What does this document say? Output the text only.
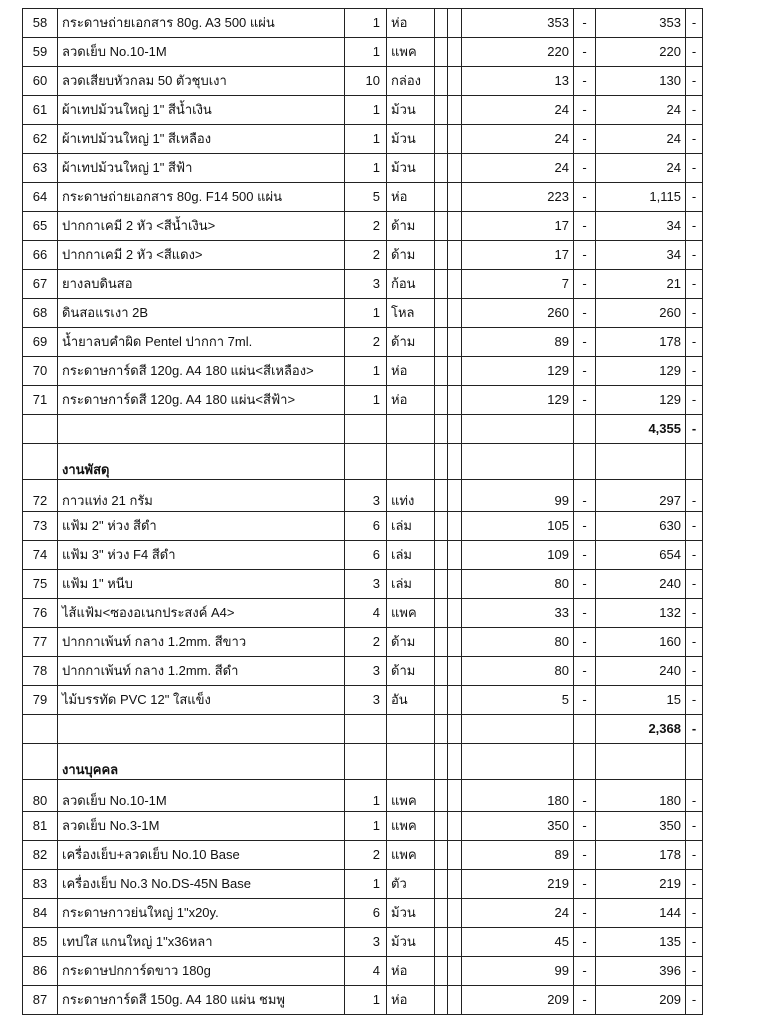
58	กระดาษถ่ายเอกสาร 80g. A3 500 แผ่น	1	ห่อ			353	-	353	-
59	ลวดเย็บ No.10-1M	1	แพค			220	-	220	-
60	ลวดเสียบหัวกลม 50 ตัวชุบเงา	10	กล่อง			13	-	130	-
61	ผ้าเทปม้วนใหญ่ 1" สีน้ำเงิน	1	ม้วน			24	-	24	-
62	ผ้าเทปม้วนใหญ่ 1" สีเหลือง	1	ม้วน			24	-	24	-
63	ผ้าเทปม้วนใหญ่ 1" สีฟ้า	1	ม้วน			24	-	24	-
64	กระดาษถ่ายเอกสาร 80g. F14 500 แผ่น	5	ห่อ			223	-	1,115	-
65	ปากกาเคมี 2 หัว <สีน้ำเงิน>	2	ด้าม			17	-	34	-
66	ปากกาเคมี 2 หัว <สีแดง>	2	ด้าม			17	-	34	-
67	ยางลบดินสอ	3	ก้อน			7	-	21	-
68	ดินสอแรเงา 2B	1	โหล			260	-	260	-
69	น้ำยาลบคำผิด Pentel ปากกา 7ml.	2	ด้าม			89	-	178	-
70	กระดาษการ์ดสี 120g. A4 180 แผ่น<สีเหลือง>	1	ห่อ			129	-	129	-
71	กระดาษการ์ดสี 120g. A4 180 แผ่น<สีฟ้า>	1	ห่อ			129	-	129	-
								4,355	-
	งานพัสดุ								
72	กาวแท่ง 21 กรัม	3	แท่ง			99	-	297	-
73	แฟ้ม 2" ห่วง สีดำ	6	เล่ม			105	-	630	-
74	แฟ้ม 3" ห่วง F4 สีดำ	6	เล่ม			109	-	654	-
75	แฟ้ม 1" หนีบ	3	เล่ม			80	-	240	-
76	ไส้แฟ้ม<ซองอเนกประสงค์ A4>	4	แพค			33	-	132	-
77	ปากกาเพ้นท์ กลาง 1.2mm. สีขาว	2	ด้าม			80	-	160	-
78	ปากกาเพ้นท์ กลาง 1.2mm. สีดำ	3	ด้าม			80	-	240	-
79	ไม้บรรทัด PVC 12" ใสแข็ง	3	อัน			5	-	15	-
								2,368	-
	งานบุคคล								
80	ลวดเย็บ No.10-1M	1	แพค			180	-	180	-
81	ลวดเย็บ No.3-1M	1	แพค			350	-	350	-
82	เครื่องเย็บ+ลวดเย็บ No.10 Base	2	แพค			89	-	178	-
83	เครื่องเย็บ No.3 No.DS-45N Base	1	ตัว			219	-	219	-
84	กระดาษกาวย่นใหญ่ 1"x20y.	6	ม้วน			24	-	144	-
85	เทปใส แกนใหญ่ 1"x36หลา	3	ม้วน			45	-	135	-
86	กระดาษปกการ์ดขาว 180g	4	ห่อ			99	-	396	-
87	กระดาษการ์ดสี 150g. A4 180 แผ่น ชมพู	1	ห่อ			209	-	209	-
